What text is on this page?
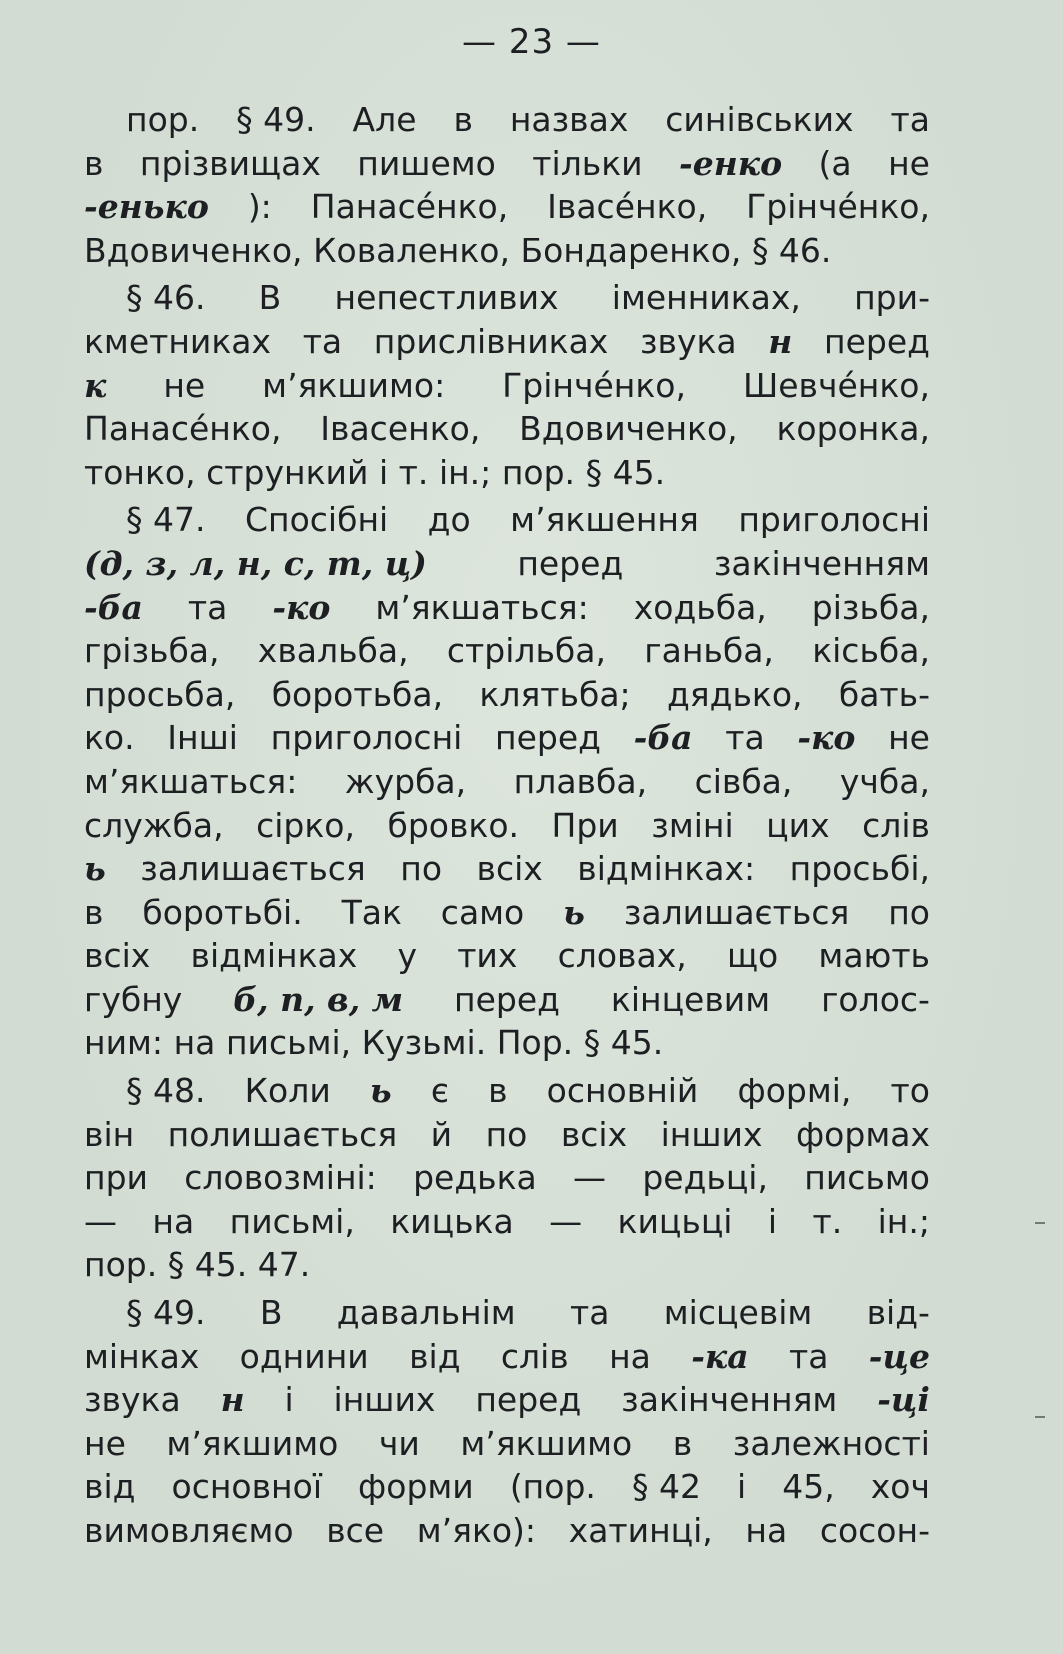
— 23 —
пор. § 49. Але в назвах синівських та
в прізвищах пишемо тільки -енко (а не
-енько ): Панасéнко, Івасéнко, Грінчéнко,
Вдовиченко, Коваленко, Бондаренко, § 46.
§ 46. В непестливих іменниках, при-
кметниках та прислівниках звука н перед
к не м’якшимо: Грінчéнко, Шевчéнко,
Панасéнко, Івасенко, Вдовиченко, коронка,
тонко, стрункий і т. ін.; пор. § 45.
§ 47. Спосібні до м’якшення приголосні
(д, з, л, н, с, т, ц)	перед	закінченням
-ба та -ко м’якшаться: ходьба, різьба,
грізьба, хвальба, стрільба, ганьба, кісьба,
просьба, боротьба, клятьба; дядько, бать-
ко. Інші приголосні перед -ба та -ко не
м’якшаться: журба, плавба, сівба, учба,
служба, сірко, бровко. При зміні цих слів
ь залишається по всіх відмінках: просьбі,
в боротьбі. Так само ь залишається по
всіх відмінках у тих словах, що мають
губну б, п, в, м перед кінцевим голос-
ним: на письмі, Кузьмі. Пор. § 45.
§ 48. Коли ь є в основній формі, то
він полишається й по всіх інших формах
при словозміні: редька — редьці, письмо
— на письмі, кицька — кицьці і т. ін.;
пор. § 45. 47.
§ 49. В давальнім та місцевім від-
мінках однини від слів на -ка та -це
звука н і інших перед закінченням -ці
не м’якшимо чи м’якшимо в залежності
від основної форми (пор. § 42 і 45, хоч
вимовляємо все м’яко): хатинці, на сосон-
